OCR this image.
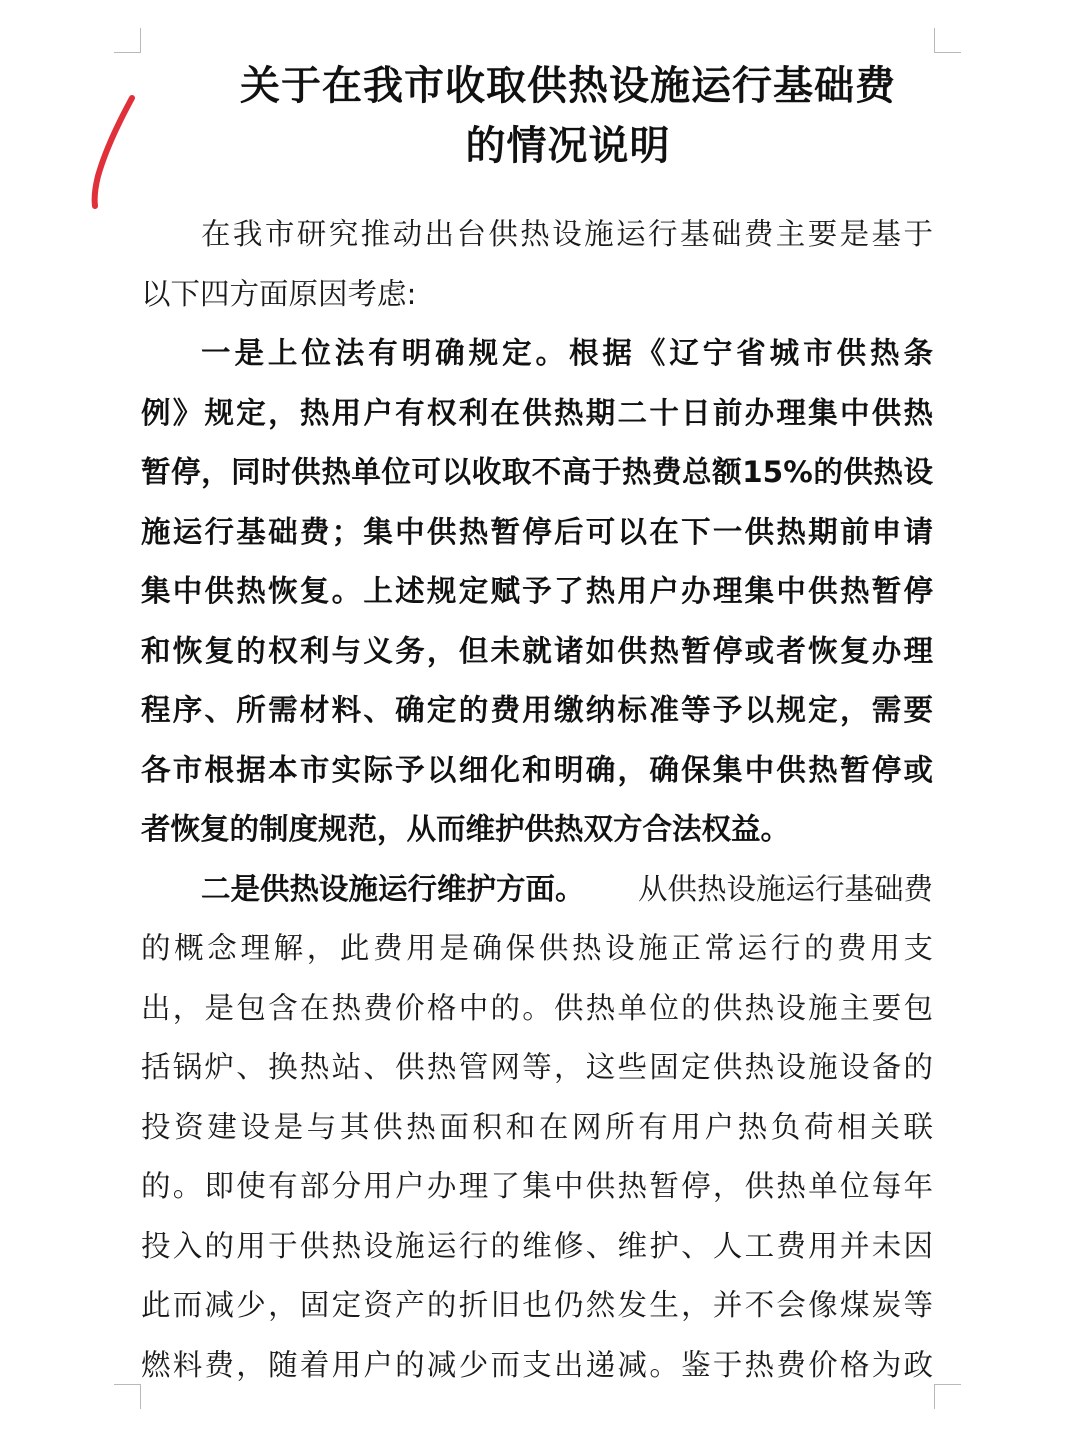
关于在我市收取供热设施运行基础费
的情况说明
在我市研究推动出台供热设施运行基础费主要是基于
以下四方面原因考虑:
一是上位法有明确规定。根据《辽宁省城市供热条
例》规定，热用户有权利在供热期二十日前办理集中供热
暂停，同时供热单位可以收取不高于热费总额15%的供热设
施运行基础费；集中供热暂停后可以在下一供热期前申请
集中供热恢复。上述规定赋予了热用户办理集中供热暂停
和恢复的权利与义务，但未就诸如供热暂停或者恢复办理
程序、所需材料、确定的费用缴纳标准等予以规定，需要
各市根据本市实际予以细化和明确，确保集中供热暂停或
者恢复的制度规范，从而维护供热双方合法权益。
二是供热设施运行维护方面。 从供热设施运行基础费
的概念理解，此费用是确保供热设施正常运行的费用支
出，是包含在热费价格中的。供热单位的供热设施主要包
括锅炉、换热站、供热管网等，这些固定供热设施设备的
投资建设是与其供热面积和在网所有用户热负荷相关联
的。即使有部分用户办理了集中供热暂停，供热单位每年
投入的用于供热设施运行的维修、维护、人工费用并未因
此而减少，固定资产的折旧也仍然发生，并不会像煤炭等
燃料费，随着用户的减少而支出递减。鉴于热费价格为政
